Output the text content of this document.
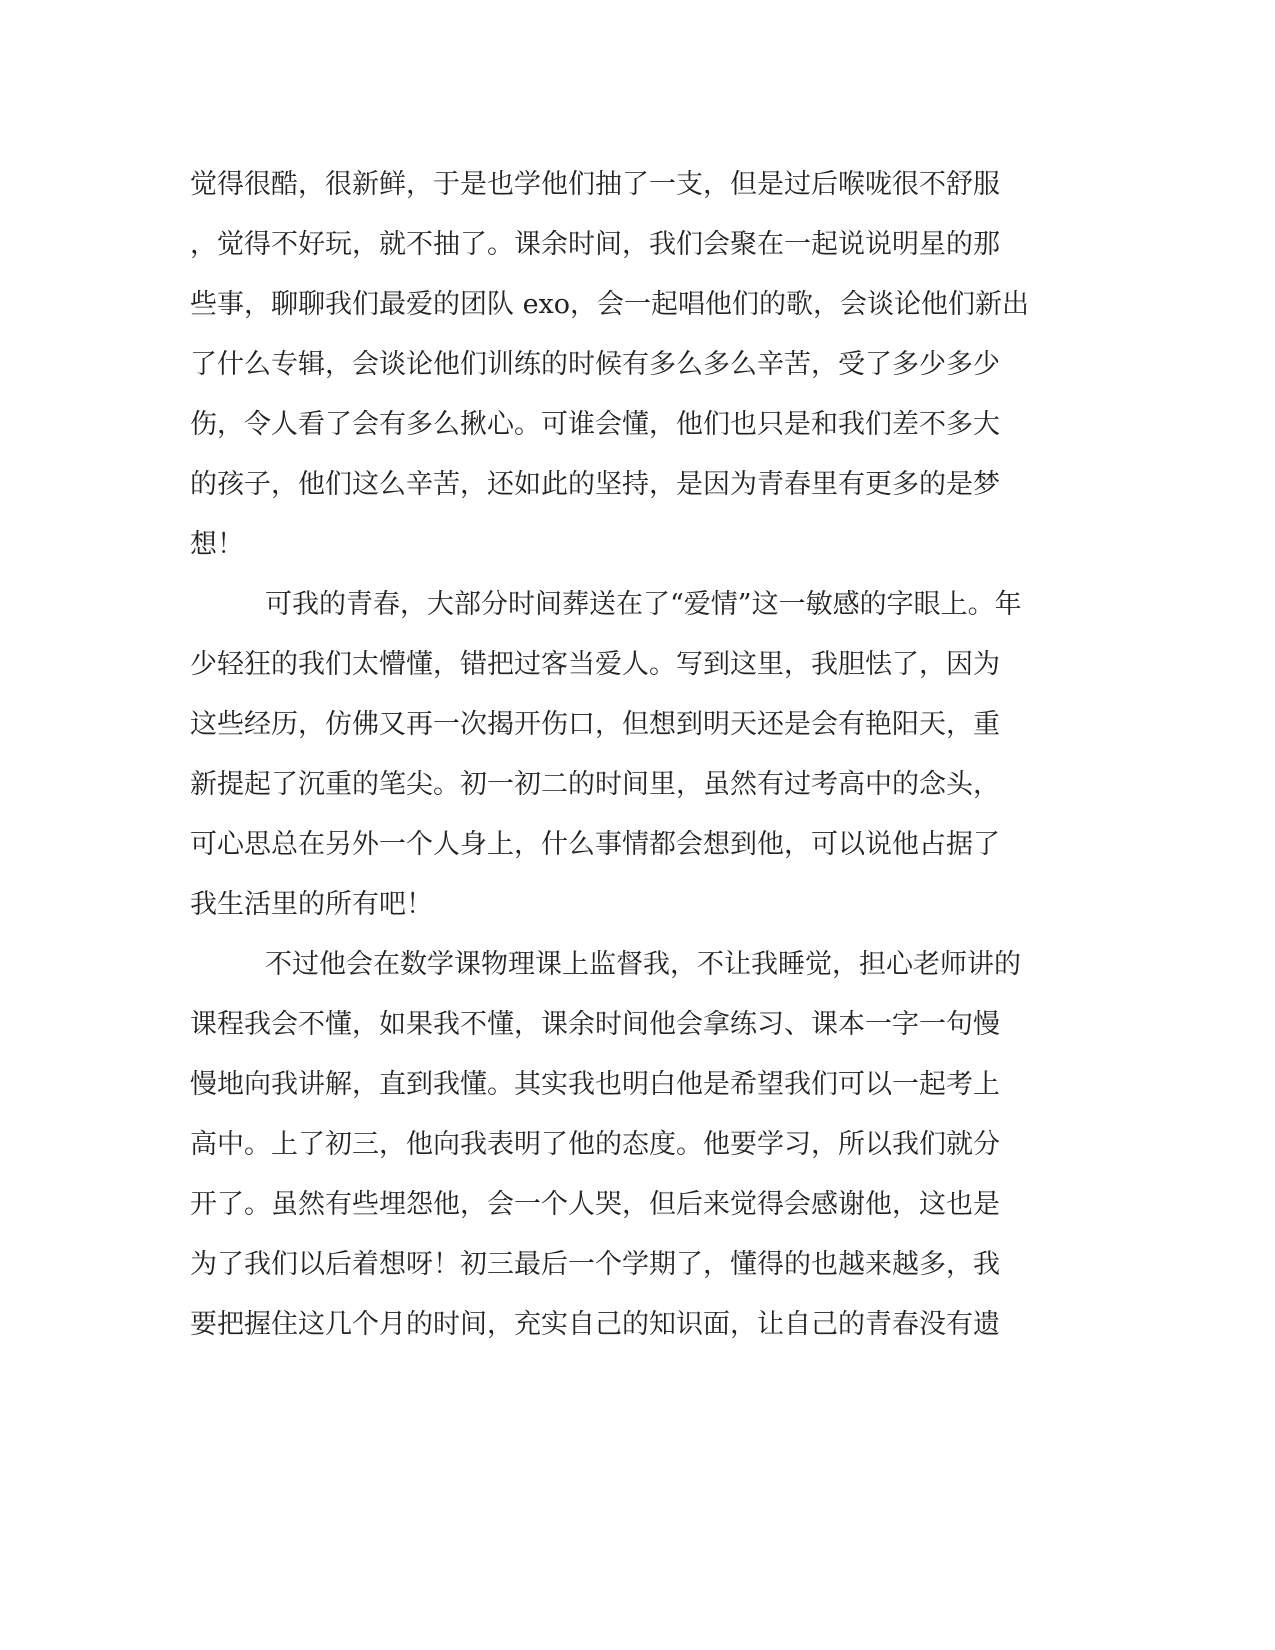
觉得很酷，很新鲜，于是也学他们抽了一支，但是过后喉咙很不舒服
，觉得不好玩，就不抽了。课余时间，我们会聚在一起说说明星的那
些事，聊聊我们最爱的团队 exo，会一起唱他们的歌，会谈论他们新出
了什么专辑，会谈论他们训练的时候有多么多么辛苦，受了多少多少
伤，令人看了会有多么揪心。可谁会懂，他们也只是和我们差不多大
的孩子，他们这么辛苦，还如此的坚持，是因为青春里有更多的是梦
想！
可我的青春，大部分时间葬送在了“爱情”这一敏感的字眼上。年
少轻狂的我们太懵懂，错把过客当爱人。写到这里，我胆怯了，因为
这些经历，仿佛又再一次揭开伤口，但想到明天还是会有艳阳天，重
新提起了沉重的笔尖。初一初二的时间里，虽然有过考高中的念头，
可心思总在另外一个人身上，什么事情都会想到他，可以说他占据了
我生活里的所有吧！
不过他会在数学课物理课上监督我，不让我睡觉，担心老师讲的
课程我会不懂，如果我不懂，课余时间他会拿练习、课本一字一句慢
慢地向我讲解，直到我懂。其实我也明白他是希望我们可以一起考上
高中。上了初三，他向我表明了他的态度。他要学习，所以我们就分
开了。虽然有些埋怨他，会一个人哭，但后来觉得会感谢他，这也是
为了我们以后着想呀！初三最后一个学期了，懂得的也越来越多，我
要把握住这几个月的时间，充实自己的知识面，让自己的青春没有遗
